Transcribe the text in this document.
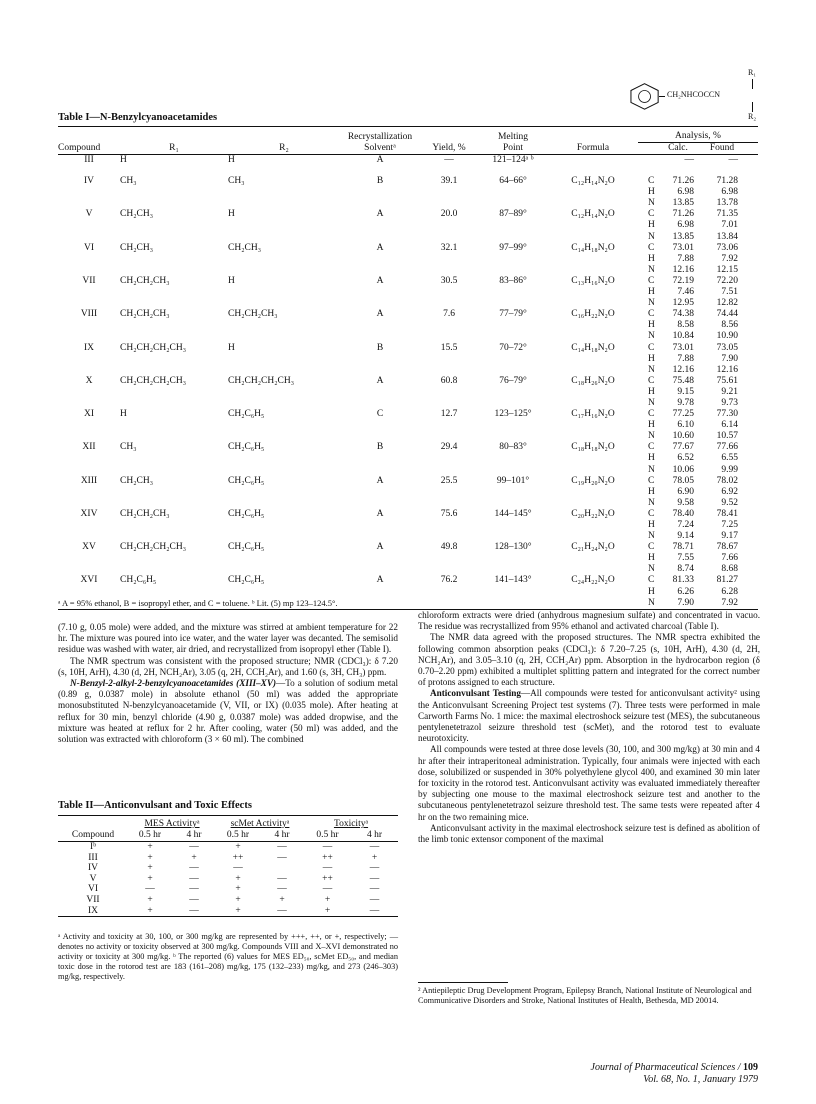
CH₂NHCOCCN
R₁
R₂
Table I—N-Benzylcyanoacetamides
			Recrystallization		Melting		Analysis, %
Compound	R₁	R₂	Solventᵃ	Yield, %	Point	Formula	Calc. Found
III	H	H	A	—	121–124ᵃ ᵇ		— —

IV	CH₃	CH₃	B	39.1	64–66°	C₁₂H₁₄N₂O	C 71.26 71.28
H 6.98 6.98
N 13.85 13.78

V	CH₂CH₃	H	A	20.0	87–89°	C₁₂H₁₄N₂O	C 71.26 71.35
H 6.98 7.01
N 13.85 13.84

VI	CH₂CH₃	CH₂CH₃	A	32.1	97–99°	C₁₄H₁₈N₂O	C 73.01 73.06
H 7.88 7.92
N 12.16 12.15

VII	CH₂CH₂CH₃	H	A	30.5	83–86°	C₁₃H₁₆N₂O	C 72.19 72.20
H 7.46 7.51
N 12.95 12.82

VIII	CH₂CH₂CH₃	CH₂CH₂CH₃	A	7.6	77–79°	C₁₆H₂₂N₂O	C 74.38 74.44
H 8.58 8.56
N 10.84 10.90

IX	CH₂CH₂CH₂CH₃	H	B	15.5	70–72°	C₁₄H₁₈N₂O	C 73.01 73.05
H 7.88 7.90
N 12.16 12.16

X	CH₂CH₂CH₂CH₃	CH₂CH₂CH₂CH₃	A	60.8	76–79°	C₁₈H₂₆N₂O	C 75.48 75.61
H 9.15 9.21
N 9.78 9.73

XI	H	CH₂C₆H₅	C	12.7	123–125°	C₁₇H₁₆N₂O	C 77.25 77.30
H 6.10 6.14
N 10.60 10.57

XII	CH₃	CH₂C₆H₅	B	29.4	80–83°	C₁₈H₁₈N₂O	C 77.67 77.66
H 6.52 6.55
N 10.06 9.99

XIII	CH₂CH₃	CH₂C₆H₅	A	25.5	99–101°	C₁₉H₂₀N₂O	C 78.05 78.02
H 6.90 6.92
N 9.58 9.52

XIV	CH₂CH₂CH₃	CH₂C₆H₅	A	75.6	144–145°	C₂₀H₂₂N₂O	C 78.40 78.41
H 7.24 7.25
N 9.14 9.17

XV	CH₂CH₂CH₂CH₃	CH₂C₆H₅	A	49.8	128–130°	C₂₁H₂₄N₂O	C 78.71 78.67
H 7.55 7.66
N 8.74 8.68

XVI	CH₂C₆H₅	CH₂C₆H₅	A	76.2	141–143°	C₂₄H₂₂N₂O	C 81.33 81.27
H 6.26 6.28
N 7.90 7.92
ᵃ A = 95% ethanol, B = isopropyl ether, and C = toluene. ᵇ Lit. (5) mp 123–124.5°.

(7.10 g, 0.05 mole) were added, and the mixture was stirred at ambient temperature for 22 hr. The mixture was poured into ice water, and the water layer was decanted. The semisolid residue was washed with water, air dried, and recrystallized from isopropyl ether (Table I).

The NMR spectrum was consistent with the proposed structure; NMR (CDCl₃): δ 7.20 (s, 10H, ArH), 4.30 (d, 2H, NCH₂Ar), 3.05 (q, 2H, CCH₂Ar), and 1.60 (s, 3H, CH₃) ppm.

N-Benzyl-2-alkyl-2-benzylcyanoacetamides (XIII–XV)—To a solution of sodium metal (0.89 g, 0.0387 mole) in absolute ethanol (50 ml) was added the appropriate monosubstituted N-benzylcyanoacetamide (V, VII, or IX) (0.035 mole). After heating at reflux for 30 min, benzyl chloride (4.90 g, 0.0387 mole) was added dropwise, and the mixture was heated at reflux for 2 hr. After cooling, water (50 ml) was added, and the solution was extracted with chloroform (3 × 60 ml). The combined

Table II—Anticonvulsant and Toxic Effects
	MES Activityᵃ		scMet Activityᵃ		Toxicityᵃ	
Compound	0.5 hr	4 hr	0.5 hr	4 hr	0.5 hr	4 hr
Iᵇ	+	—	+	—	—	—
III	+	+	++	—	++	+
IV	+	—	—		—	—
V	+	—	+	—	++	—
VI	—	—	+	—	—	—
VII	+	—	+	+	+	—
IX	+	—	+	—	+	—
ᵃ Activity and toxicity at 30, 100, or 300 mg/kg are represented by +++, ++, or +, respectively; — denotes no activity or toxicity observed at 300 mg/kg. Compounds VIII and X–XVI demonstrated no activity or toxicity at 300 mg/kg. ᵇ The reported (6) values for MES ED₅₀, scMet ED₅₀, and median toxic dose in the rotorod test are 183 (161–208) mg/kg, 175 (132–233) mg/kg, and 273 (246–303) mg/kg, respectively.

chloroform extracts were dried (anhydrous magnesium sulfate) and concentrated in vacuo. The residue was recrystallized from 95% ethanol and activated charcoal (Table I).

The NMR data agreed with the proposed structures. The NMR spectra exhibited the following common absorption peaks (CDCl₃): δ 7.20–7.25 (s, 10H, ArH), 4.30 (d, 2H, NCH₂Ar), and 3.05–3.10 (q, 2H, CCH₂Ar) ppm. Absorption in the hydrocarbon region (δ 0.70–2.20 ppm) exhibited a multiplet splitting pattern and integrated for the correct number of protons assigned to each structure.

Anticonvulsant Testing—All compounds were tested for anticonvulsant activity² using the Anticonvulsant Screening Project test systems (7). Three tests were performed in male Carworth Farms No. 1 mice: the maximal electroshock seizure test (MES), the subcutaneous pentylenetetrazol seizure threshold test (scMet), and the rotorod test to evaluate neurotoxicity.

All compounds were tested at three dose levels (30, 100, and 300 mg/kg) at 30 min and 4 hr after their intraperitoneal administration. Typically, four animals were injected with each dose, solubilized or suspended in 30% polyethylene glycol 400, and examined 30 min later for toxicity in the rotorod test. Anticonvulsant activity was evaluated immediately thereafter by subjecting one mouse to the maximal electroshock seizure test and another to the subcutaneous pentylenetetrazol seizure threshold test. The same tests were repeated after 4 hr on the two remaining mice.

Anticonvulsant activity in the maximal electroshock seizure test is defined as abolition of the limb tonic extensor component of the maximal

² Antiepileptic Drug Development Program, Epilepsy Branch, National Institute of Neurological and Communicative Disorders and Stroke, National Institutes of Health, Bethesda, MD 20014.
Journal of Pharmaceutical Sciences / 109
Vol. 68, No. 1, January 1979
